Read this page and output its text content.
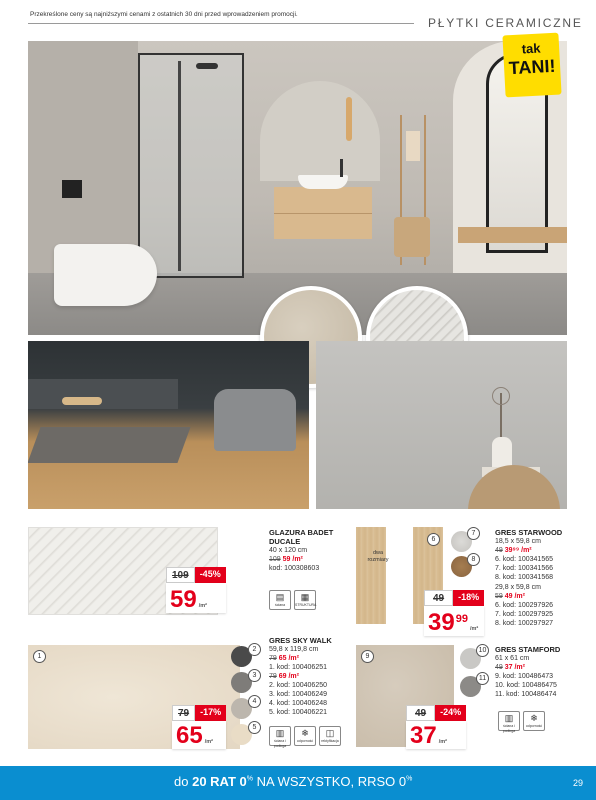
Przekreślone ceny są najniższymi cenami z ostatnich 30 dni przed wprowadzeniem promocji.
PŁYTKI CERAMICZNE
tak
TANI!
109	-45%
59 /m²
GLAZURA BADET
DUCALE
40 x 120 cm
109 59 /m²
kod: 100308603
▤
ściana
▦
STRUKTURA
dwa rozmiary
6
7
8
49	-18%
39 99
/m²
GRES STARWOOD
18,5 x 59,8 cm
49 39⁹⁹ /m²
6. kod: 100341565
7. kod: 100341566
8. kod: 100341568
29,8 x 59,8 cm
59 49 /m²
6. kod: 100297926
7. kod: 100297925
8. kod: 100297927
1
2
3
4
5
79	-17%
65 /m²
GRES SKY WALK
59,8 x 119,8 cm
79 65 /m²
1. kod: 100406251
79 69 /m²
2. kod: 100406250
3. kod: 100406249
4. kod: 100406248
5. kod: 100406221
▥
ściana i podłoga
❄
odporność
◫
rektyfikacja
9
10
11
49	-24%
37 /m²
GRES STAMFORD
61 x 61 cm
49 37 /m²
9. kod: 100486473
10. kod: 100486475
11. kod: 100486474
▥
ściana i podłoga
❄
odporność
do 20 RAT 0% NA WSZYSTKO, RRSO 0%	29
